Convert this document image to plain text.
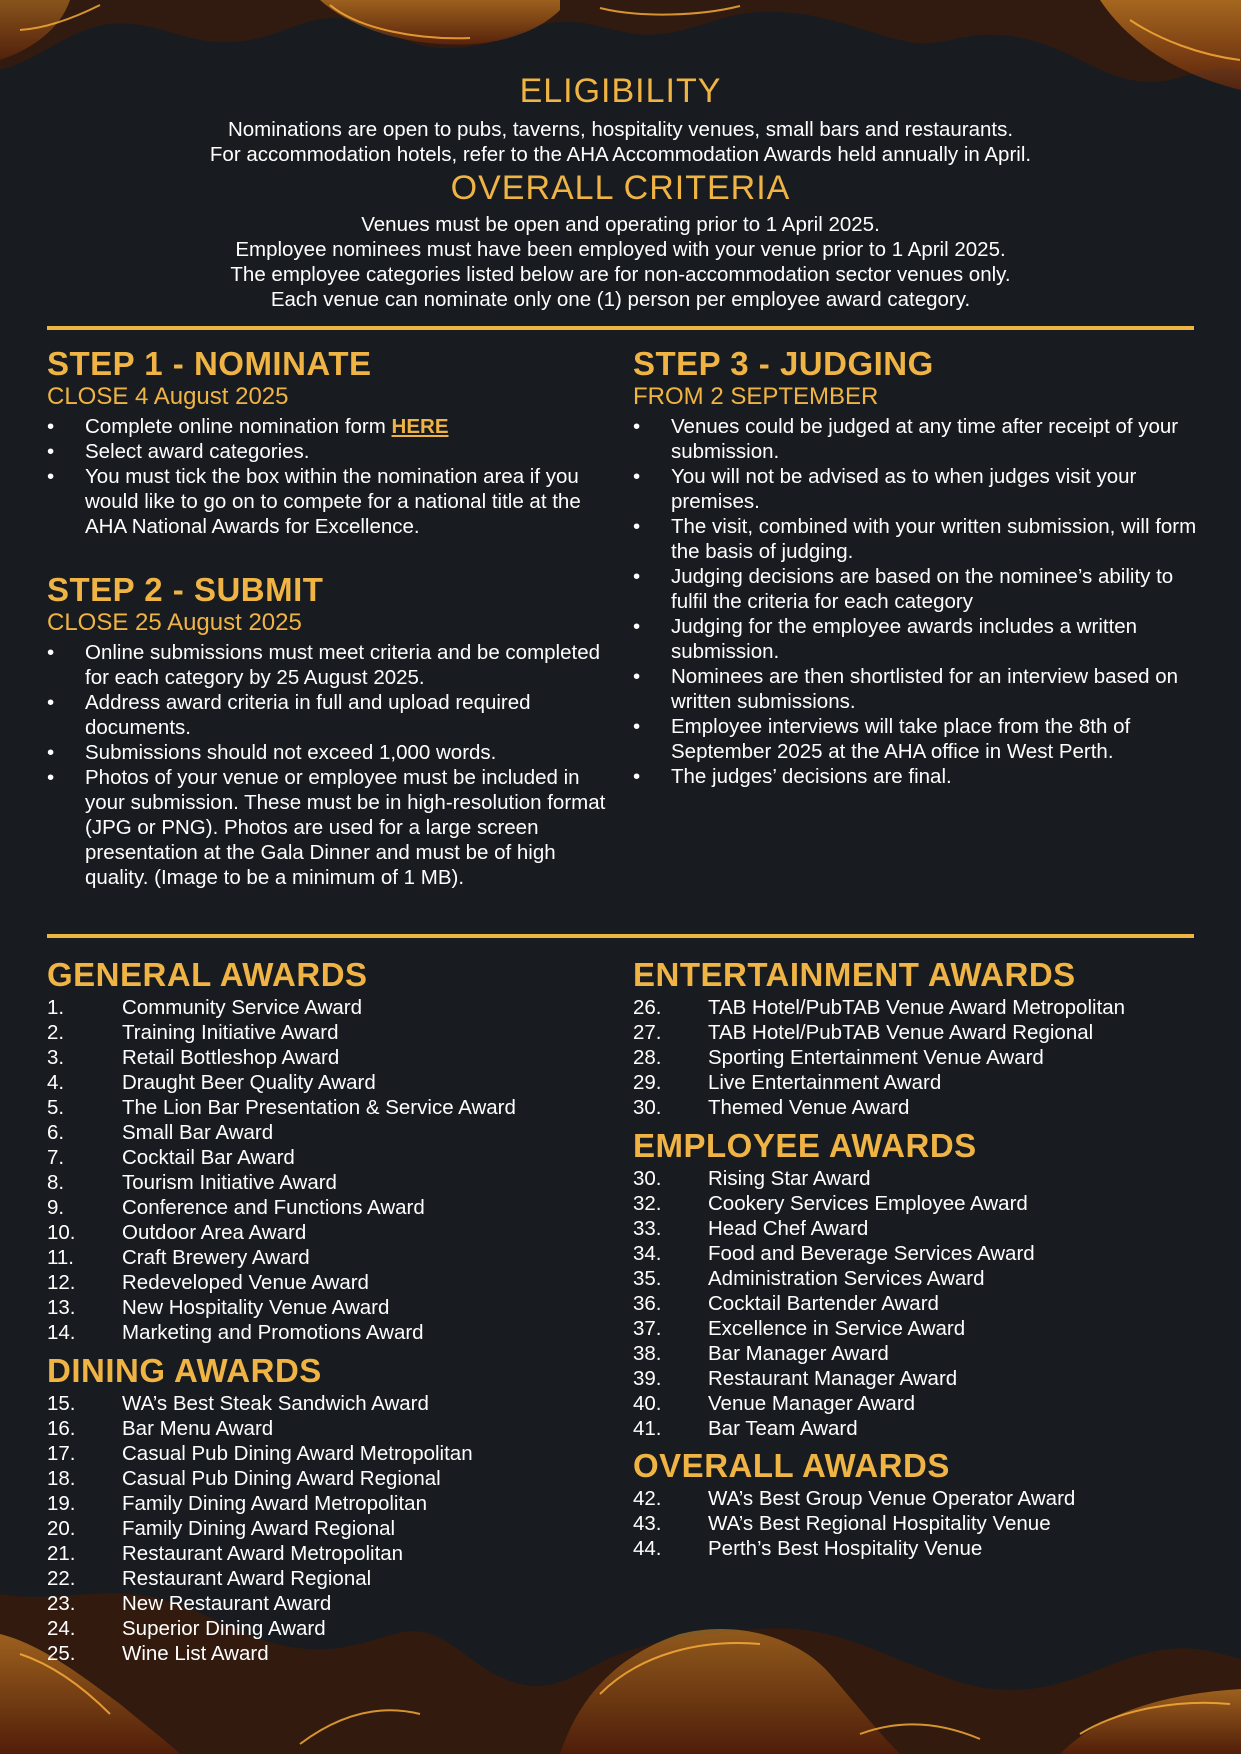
ELIGIBILITY
Nominations are open to pubs, taverns, hospitality venues, small bars and restaurants.
For accommodation hotels, refer to the AHA Accommodation Awards held annually in April.
OVERALL CRITERIA
Venues must be open and operating prior to 1 April 2025.
Employee nominees must have been employed with your venue prior to 1 April 2025.
The employee categories listed below are for non-accommodation sector venues only.
Each venue can nominate only one (1) person per employee award category.
STEP 1 - NOMINATE
CLOSE 4 August 2025
• Complete online nomination form HERE
• Select award categories.
• You must tick the box within the nomination area if you would like to go on to compete for a national title at the AHA National Awards for Excellence.
STEP 2 - SUBMIT
CLOSE 25 August 2025
• Online submissions must meet criteria and be completed for each category by 25 August 2025.
• Address award criteria in full and upload required documents.
• Submissions should not exceed 1,000 words.
• Photos of your venue or employee must be included in your submission. These must be in high-resolution format (JPG or PNG). Photos are used for a large screen presentation at the Gala Dinner and must be of high quality. (Image to be a minimum of 1 MB).
STEP 3 - JUDGING
FROM 2 SEPTEMBER
• Venues could be judged at any time after receipt of your submission.
• You will not be advised as to when judges visit your premises.
• The visit, combined with your written submission, will form the basis of judging.
• Judging decisions are based on the nominee’s ability to fulfil the criteria for each category
• Judging for the employee awards includes a written submission.
• Nominees are then shortlisted for an interview based on written submissions.
• Employee interviews will take place from the 8th of September 2025 at the AHA office in West Perth.
• The judges’ decisions are final.
GENERAL AWARDS
1.	Community Service Award
2.	Training Initiative Award
3.	Retail Bottleshop Award
4.	Draught Beer Quality Award
5.	The Lion Bar Presentation & Service Award
6.	Small Bar Award
7.	Cocktail Bar Award
8.	Tourism Initiative Award
9.	Conference and Functions Award
10. Outdoor Area Award
11. Craft Brewery Award
12. Redeveloped Venue Award
13. New Hospitality Venue Award
14. Marketing and Promotions Award
DINING AWARDS
15. WA’s Best Steak Sandwich Award
16. Bar Menu Award
17. Casual Pub Dining Award Metropolitan
18. Casual Pub Dining Award Regional
19. Family Dining Award Metropolitan
20. Family Dining Award Regional
21. Restaurant Award Metropolitan
22. Restaurant Award Regional
23. New Restaurant Award
24. Superior Dining Award
25. Wine List Award
ENTERTAINMENT AWARDS
26. TAB Hotel/PubTAB Venue Award Metropolitan
27. TAB Hotel/PubTAB Venue Award Regional
28. Sporting Entertainment Venue Award
29. Live Entertainment Award
30. Themed Venue Award
EMPLOYEE AWARDS
30. Rising Star Award
32. Cookery Services Employee Award
33. Head Chef Award
34. Food and Beverage Services Award
35. Administration Services Award
36. Cocktail Bartender Award
37. Excellence in Service Award
38. Bar Manager Award
39. Restaurant Manager Award
40. Venue Manager Award
41. Bar Team Award
OVERALL AWARDS
42. WA’s Best Group Venue Operator Award
43. WA’s Best Regional Hospitality Venue
44. Perth’s Best Hospitality Venue
